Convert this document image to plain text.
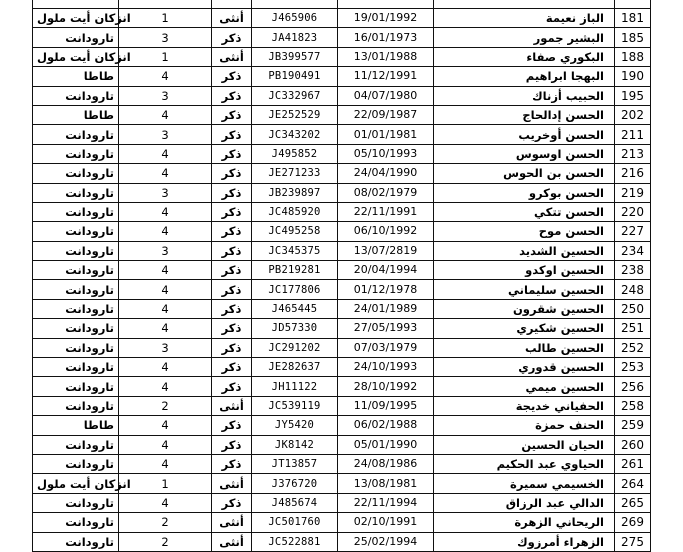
انزكان أيت ملول	1	أنثى	J465906	19/01/1992	الباز نعيمة	181
تارودانت	3	ذكر	JA41823	16/01/1973	البشير جمور	185
انزكان أيت ملول	1	أنثى	JB399577	13/01/1988	البكوري صفاء	188
طاطا	4	ذكر	PB190491	11/12/1991	البهجا ابراهيم	190
تارودانت	3	ذكر	JC332967	04/07/1980	الحبيب أزناك	195
طاطا	4	ذكر	JE252529	22/09/1987	الحسن إدالحاج	202
تارودانت	3	ذكر	JC343202	01/01/1981	الحسن أوخريب	211
تارودانت	4	ذكر	J495852	05/10/1993	الحسن اوسوس	213
تارودانت	4	ذكر	JE271233	24/04/1990	الحسن بن الحوس	216
تارودانت	3	ذكر	JB239897	08/02/1979	الحسن بوكرو	219
تارودانت	4	ذكر	JC485920	22/11/1991	الحسن تتكي	220
تارودانت	4	ذكر	JC495258	06/10/1992	الحسن موح	227
تارودانت	3	ذكر	JC345375	13/07/2819	الحسين الشديد	234
تارودانت	4	ذكر	PB219281	20/04/1994	الحسين اوكدو	238
تارودانت	4	ذكر	JC177806	01/12/1978	الحسين سليماني	248
تارودانت	4	ذكر	J465445	24/01/1989	الحسين شقرون	250
تارودانت	4	ذكر	JD57330	27/05/1993	الحسين شكيري	251
تارودانت	3	ذكر	JC291202	07/03/1979	الحسين طالب	252
تارودانت	4	ذكر	JE282637	24/10/1993	الحسين قدوري	253
تارودانت	4	ذكر	JH11122	28/10/1992	الحسين ميمي	256
تارودانت	2	أنثى	JC539119	11/09/1995	الحفياني خديجة	258
طاطا	4	ذكر	JY5420	06/02/1988	الحنف حمزة	259
تارودانت	4	ذكر	JK8142	05/01/1990	الحيان الحسين	260
تارودانت	4	ذكر	JT13857	24/08/1986	الحياوي عبد الحكيم	261
انزكان أيت ملول	1	أنثى	J376720	13/08/1981	الخسيمي سميرة	264
تارودانت	4	ذكر	J485674	22/11/1994	الدالي عبد الرزاق	265
تارودانت	2	أنثى	JC501760	02/10/1991	الريحاني الزهرة	269
تارودانت	2	أنثى	JC522881	25/02/1994	الزهراء أمرزوك	275
